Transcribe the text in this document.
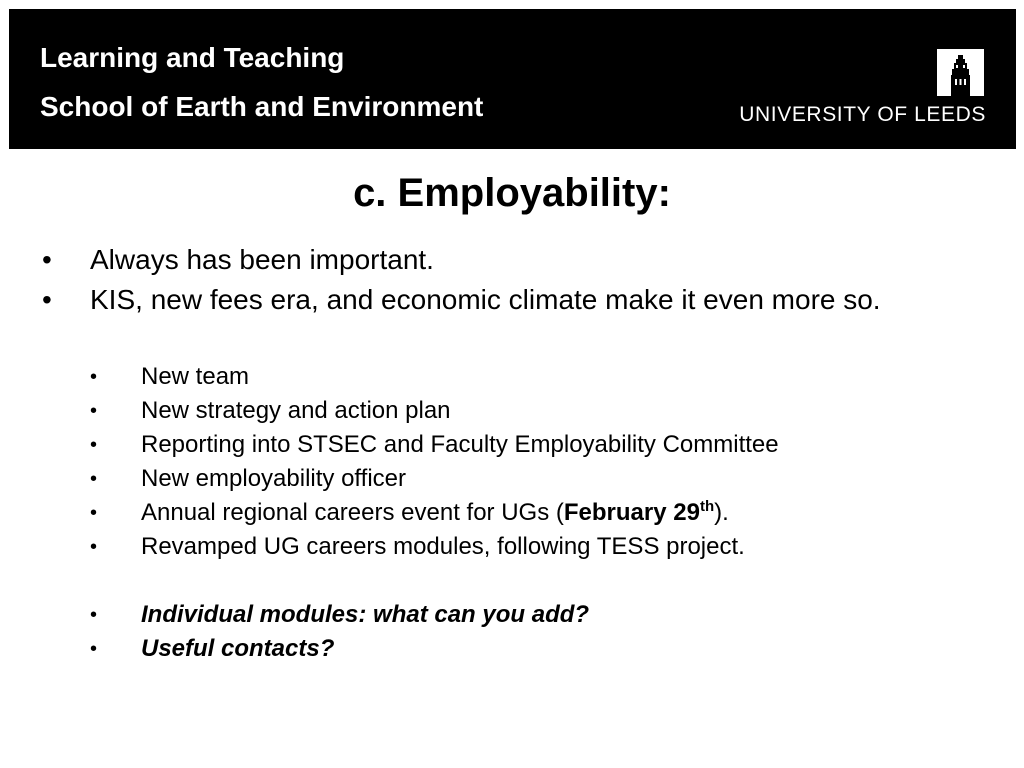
Learning and Teaching
School of Earth and Environment	UNIVERSITY OF LEEDS
c. Employability:
• Always has been important.
• KIS, new fees era, and economic climate make it even more so.
• New team
• New strategy and action plan
• Reporting into STSEC and Faculty Employability Committee
• New employability officer
• Annual regional careers event for UGs (February 29th).
• Revamped UG careers modules, following TESS project.
• Individual modules: what can you add?
• Useful contacts?
